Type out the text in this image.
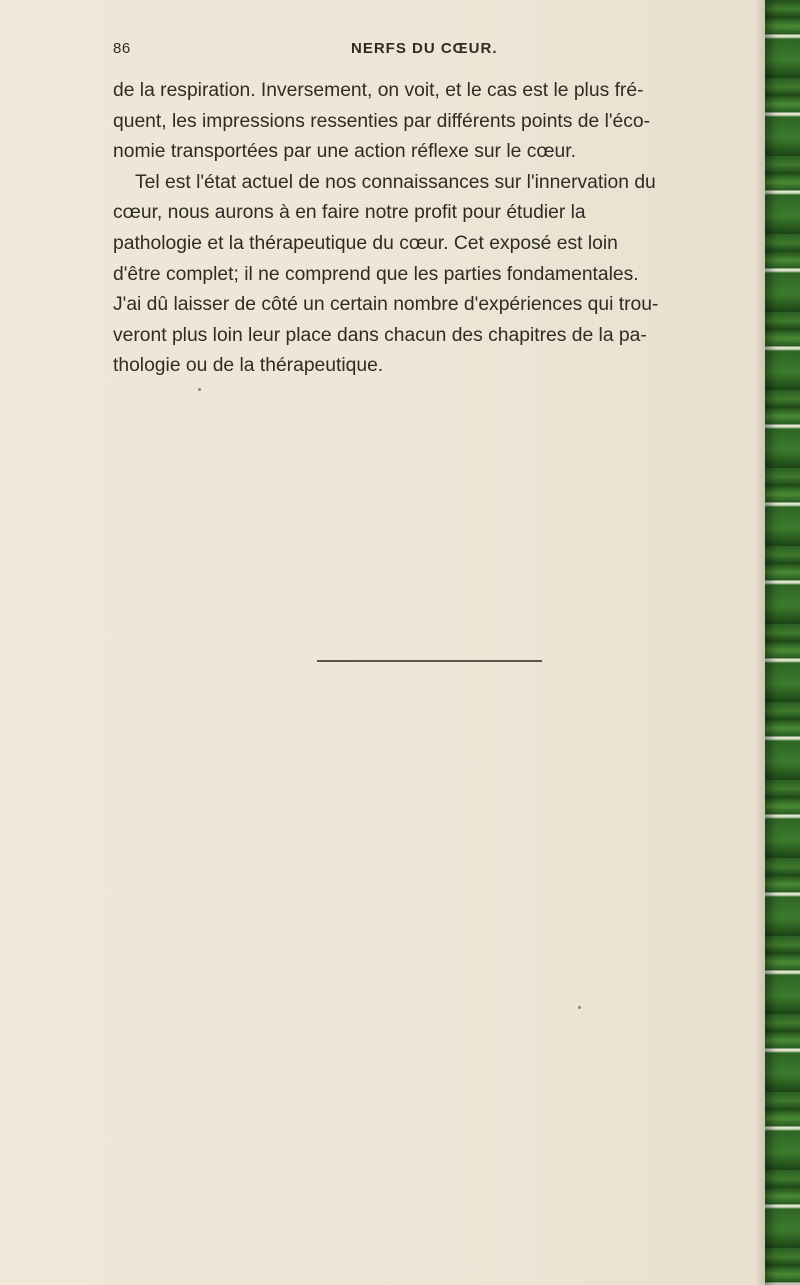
86	NERFS DU CŒUR.
de la respiration. Inversement, on voit, et le cas est le plus fré-
quent, les impressions ressenties par différents points de l'éco-
nomie transportées par une action réflexe sur le cœur.
Tel est l'état actuel de nos connaissances sur l'innervation du
cœur, nous aurons à en faire notre profit pour étudier la
pathologie et la thérapeutique du cœur. Cet exposé est loin
d'être complet; il ne comprend que les parties fondamentales.
J'ai dû laisser de côté un certain nombre d'expériences qui trou-
veront plus loin leur place dans chacun des chapitres de la pa-
thologie ou de la thérapeutique.
